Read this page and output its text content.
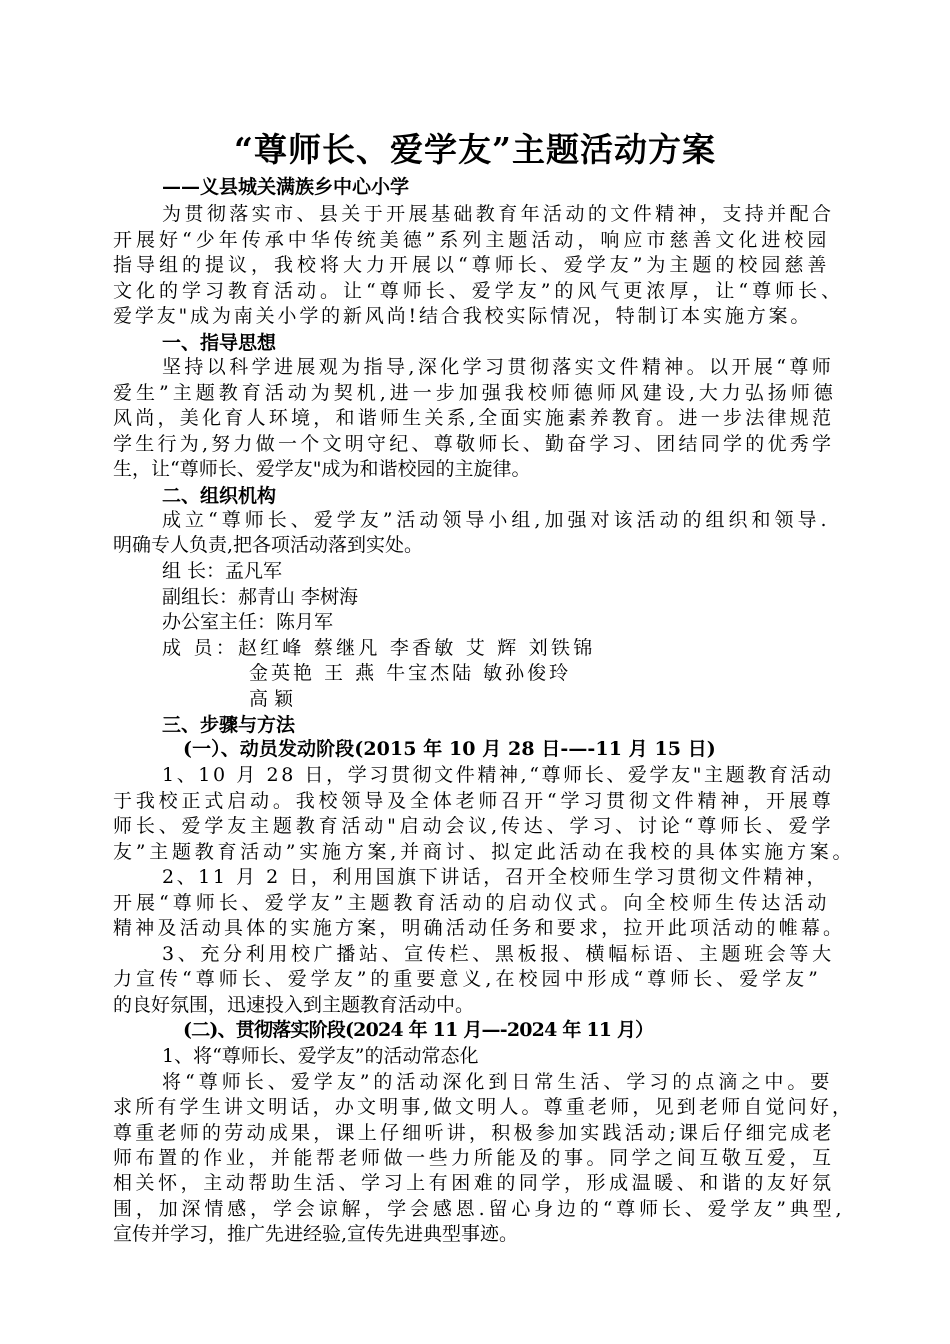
“尊师长、爱学友”主题活动方案
——义县城关满族乡中心小学
为贯彻落实市、县关于开展基础教育年活动的文件精神，支持并配合
开展好“少年传承中华传统美德”系列主题活动，响应市慈善文化进校园
指导组的提议，我校将大力开展以“尊师长、爱学友”为主题的校园慈善
文化的学习教育活动。让“尊师长、爱学友”的风气更浓厚，让“尊师长、
爱学友"成为南关小学的新风尚!结合我校实际情况，特制订本实施方案。
一、指导思想
坚持以科学进展观为指导,深化学习贯彻落实文件精神。以开展“尊师
爱生”主题教育活动为契机,进一步加强我校师德师风建设,大力弘扬师德
风尚，美化育人环境，和谐师生关系,全面实施素养教育。进一步法律规范
学生行为,努力做一个文明守纪、尊敬师长、勤奋学习、团结同学的优秀学
生，让“尊师长、爱学友"成为和谐校园的主旋律。
二、组织机构
成立“尊师长、爱学友”活动领导小组,加强对该活动的组织和领导.
明确专人负责,把各项活动落到实处。
组 长：孟凡军
副组长：郝青山 李树海
办公室主任：陈月军
成 员：赵红峰 蔡继凡 李香敏 艾 辉 刘铁锦
金英艳 王 燕 牛宝杰陆 敏孙俊玲
高 颖
三、步骤与方法
(一）、动员发动阶段(2015 年 10 月 28 日-—-11 月 15 日)
1、10 月 28 日，学习贯彻文件精神,“尊师长、爱学友"主题教育活动
于我校正式启动。我校领导及全体老师召开“学习贯彻文件精神，开展尊
师长、爱学友主题教育活动"启动会议,传达、学习、讨论“尊师长、爱学
友”主题教育活动”实施方案,并商讨、拟定此活动在我校的具体实施方案。
2、11 月 2 日，利用国旗下讲话，召开全校师生学习贯彻文件精神，
开展“尊师长、爱学友”主题教育活动的启动仪式。向全校师生传达活动
精神及活动具体的实施方案，明确活动任务和要求，拉开此项活动的帷幕。
3、充分利用校广播站、宣传栏、黑板报、横幅标语、主题班会等大
力宣传“尊师长、爱学友”的重要意义,在校园中形成“尊师长、爱学友”
的良好氛围，迅速投入到主题教育活动中。
(二)、贯彻落实阶段(2024 年 11 月—-2024 年 11 月）
1、将“尊师长、爱学友”的活动常态化
将“尊师长、爱学友”的活动深化到日常生活、学习的点滴之中。要
求所有学生讲文明话，办文明事,做文明人。尊重老师，见到老师自觉问好，
尊重老师的劳动成果，课上仔细听讲，积极参加实践活动;课后仔细完成老
师布置的作业，并能帮老师做一些力所能及的事。同学之间互敬互爱，互
相关怀，主动帮助生活、学习上有困难的同学，形成温暖、和谐的友好氛
围，加深情感，学会谅解，学会感恩.留心身边的“尊师长、爱学友”典型,
宣传并学习，推广先进经验,宣传先进典型事迹。
